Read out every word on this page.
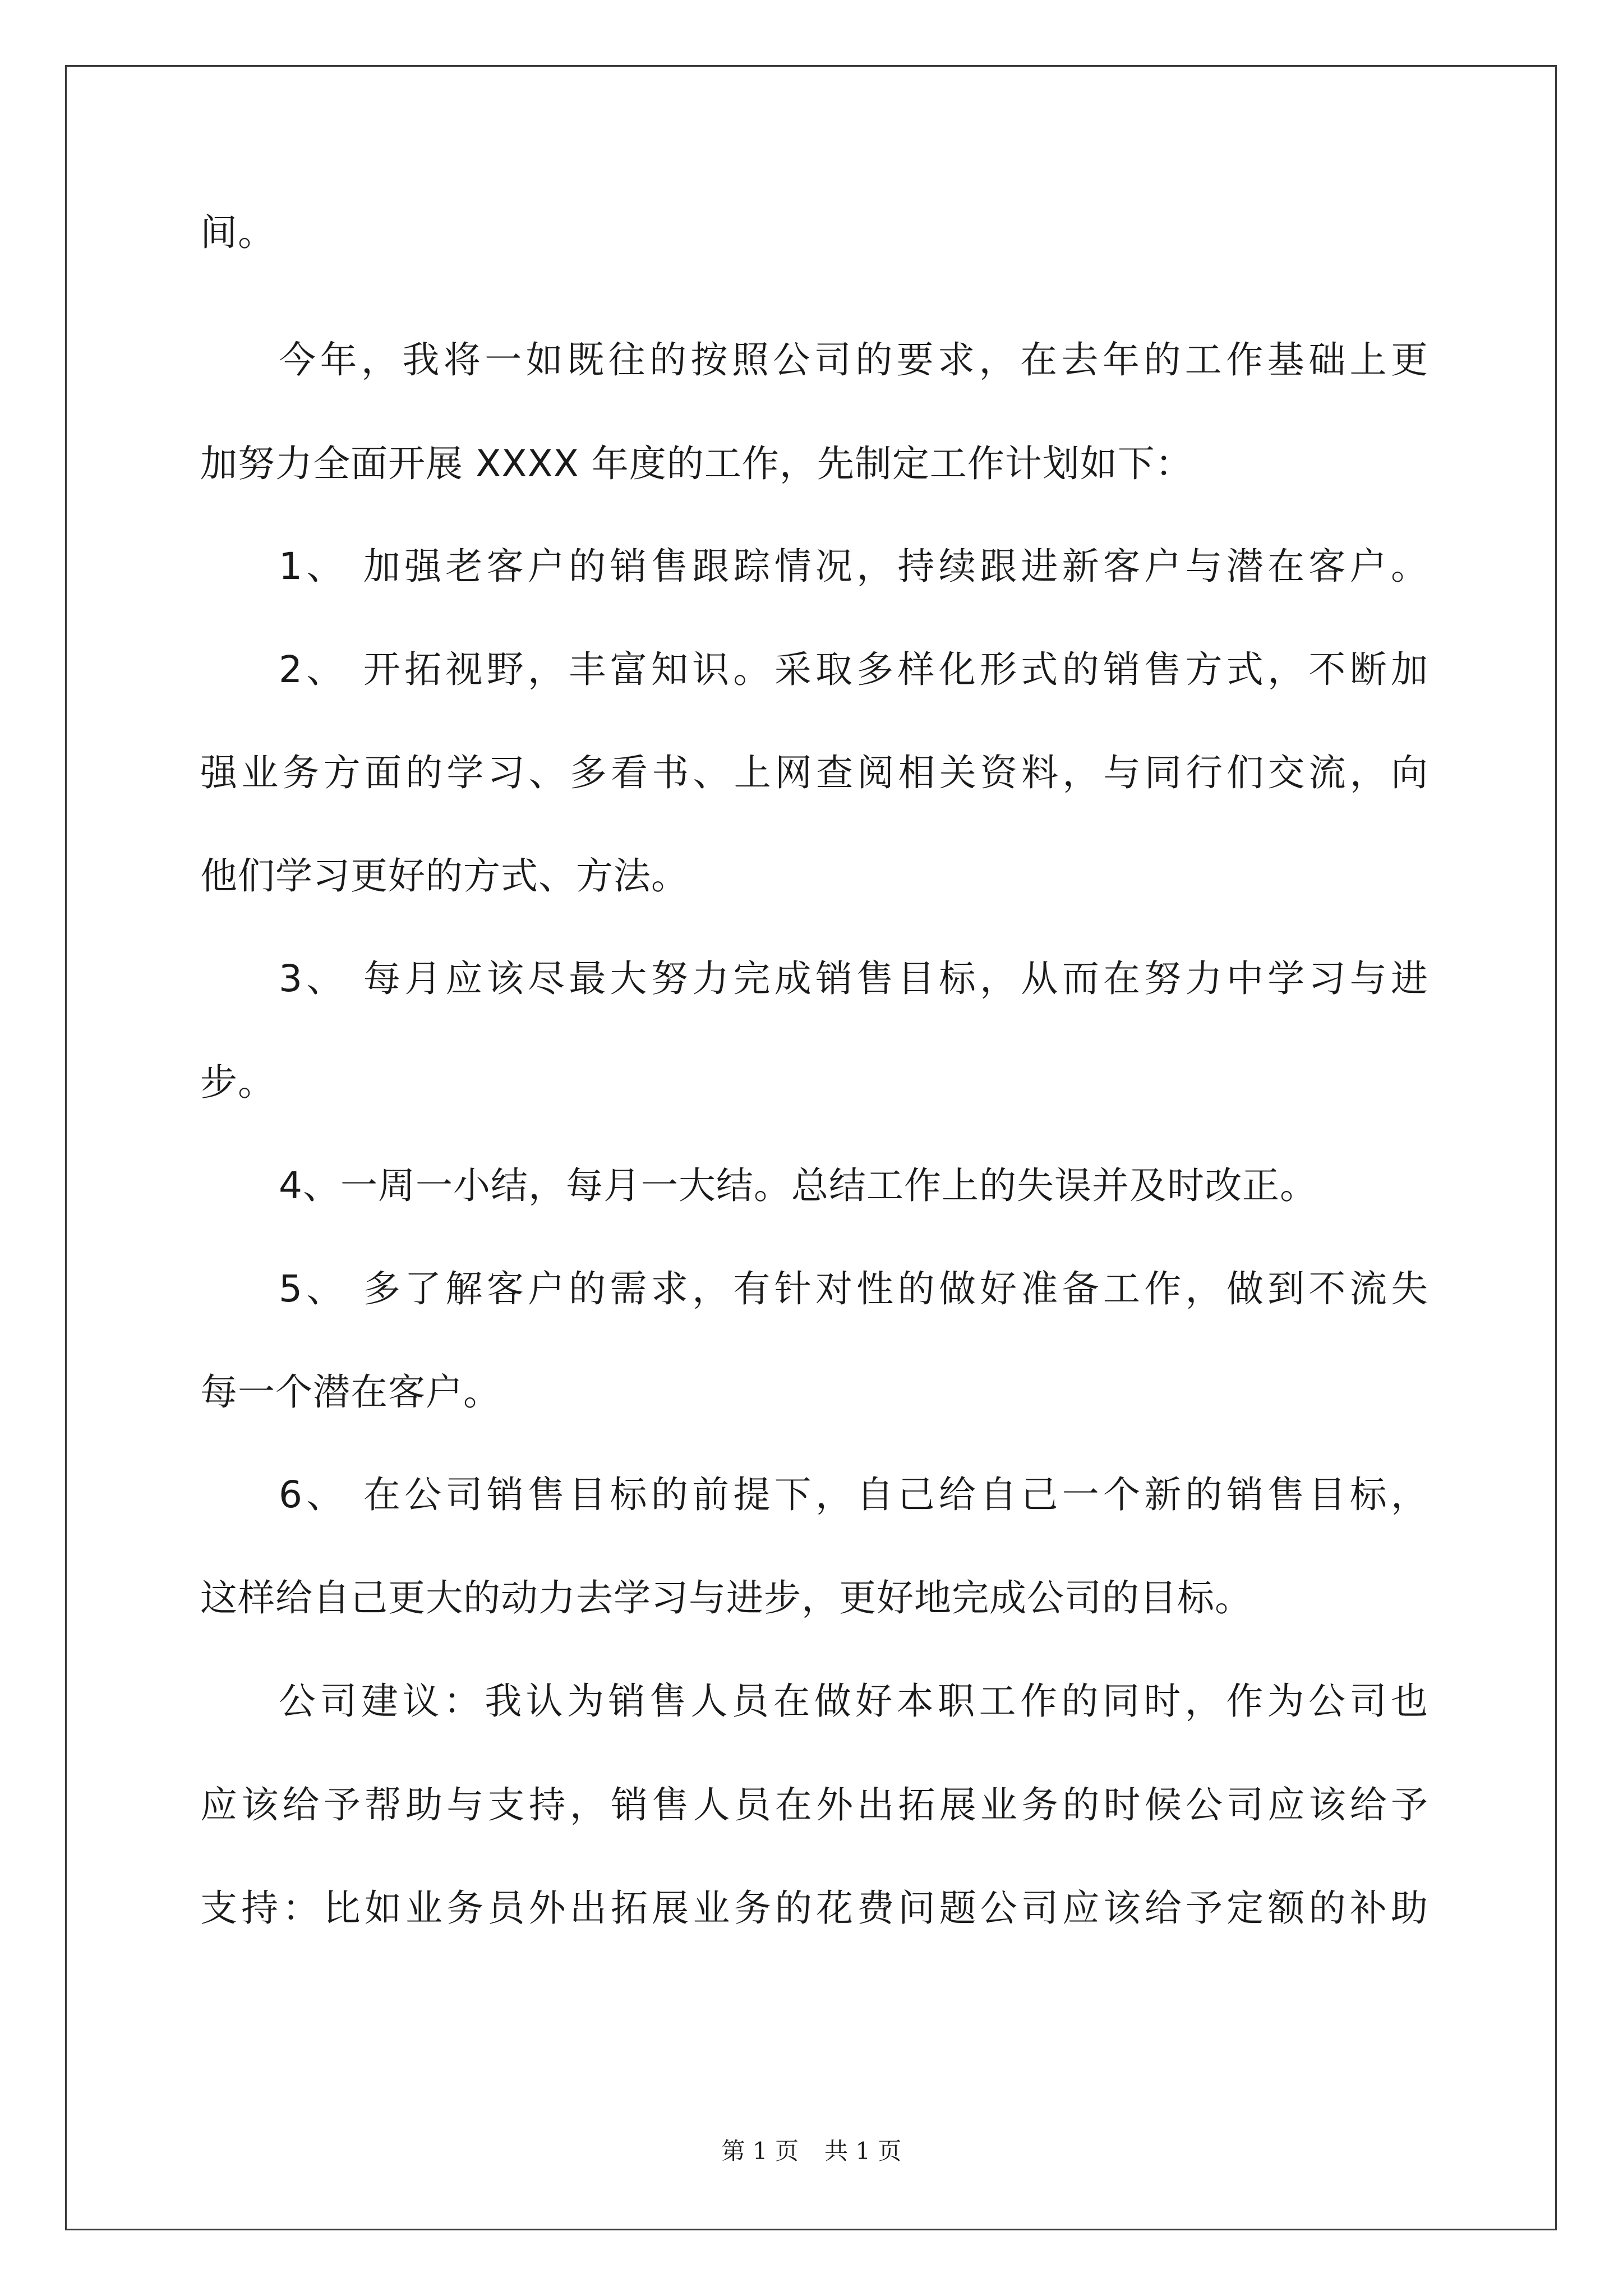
间。
今年，我将一如既往的按照公司的要求，在去年的工作基础上更
加努力全面开展 XXXX 年度的工作，先制定工作计划如下：
1、 加强老客户的销售跟踪情况，持续跟进新客户与潜在客户。
2、 开拓视野，丰富知识。采取多样化形式的销售方式，不断加
强业务方面的学习、多看书、上网查阅相关资料，与同行们交流，向
他们学习更好的方式、方法。
3、 每月应该尽最大努力完成销售目标，从而在努力中学习与进
步。
4、一周一小结，每月一大结。总结工作上的失误并及时改正。
5、 多了解客户的需求，有针对性的做好准备工作，做到不流失
每一个潜在客户。
6、 在公司销售目标的前提下，自己给自己一个新的销售目标，
这样给自己更大的动力去学习与进步，更好地完成公司的目标。
公司建议：我认为销售人员在做好本职工作的同时，作为公司也
应该给予帮助与支持，销售人员在外出拓展业务的时候公司应该给予
支持：比如业务员外出拓展业务的花费问题公司应该给予定额的补助
第 1 页 共 1 页
